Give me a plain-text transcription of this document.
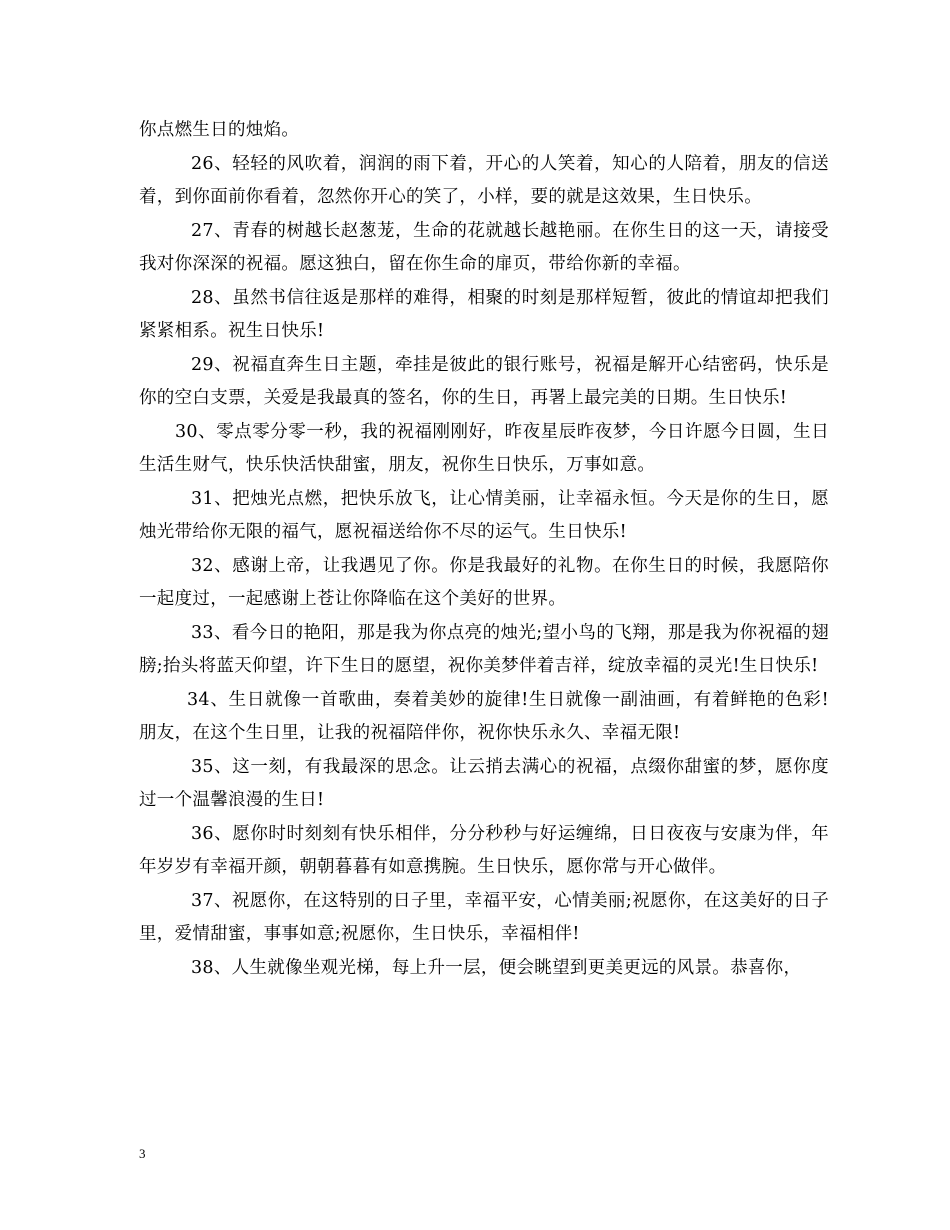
你点燃生日的烛焰。

26、轻轻的风吹着，润润的雨下着，开心的人笑着，知心的人陪着，朋友的信送着，到你面前你看着，忽然你开心的笑了，小样，要的就是这效果，生日快乐。

27、青春的树越长赵葱茏，生命的花就越长越艳丽。在你生日的这一天，请接受我对你深深的祝福。愿这独白，留在你生命的扉页，带给你新的幸福。

28、虽然书信往返是那样的难得，相聚的时刻是那样短暂，彼此的情谊却把我们紧紧相系。祝生日快乐!

29、祝福直奔生日主题，牵挂是彼此的银行账号，祝福是解开心结密码，快乐是你的空白支票，关爱是我最真的签名，你的生日，再署上最完美的日期。生日快乐!

30、零点零分零一秒，我的祝福刚刚好，昨夜星辰昨夜梦，今日许愿今日圆，生日生活生财气，快乐快活快甜蜜，朋友，祝你生日快乐，万事如意。

31、把烛光点燃，把快乐放飞，让心情美丽，让幸福永恒。今天是你的生日，愿烛光带给你无限的福气，愿祝福送给你不尽的运气。生日快乐!

32、感谢上帝，让我遇见了你。你是我最好的礼物。在你生日的时候，我愿陪你一起度过，一起感谢上苍让你降临在这个美好的世界。

33、看今日的艳阳，那是我为你点亮的烛光;望小鸟的飞翔，那是我为你祝福的翅膀;抬头将蓝天仰望，许下生日的愿望，祝你美梦伴着吉祥，绽放幸福的灵光!生日快乐!

34、生日就像一首歌曲，奏着美妙的旋律!生日就像一副油画，有着鲜艳的色彩!朋友，在这个生日里，让我的祝福陪伴你，祝你快乐永久、幸福无限!

35、这一刻，有我最深的思念。让云捎去满心的祝福，点缀你甜蜜的梦，愿你度过一个温馨浪漫的生日!

36、愿你时时刻刻有快乐相伴，分分秒秒与好运缠绵，日日夜夜与安康为伴，年年岁岁有幸福开颜，朝朝暮暮有如意携腕。生日快乐，愿你常与开心做伴。

37、祝愿你，在这特别的日子里，幸福平安，心情美丽;祝愿你，在这美好的日子里，爱情甜蜜，事事如意;祝愿你，生日快乐，幸福相伴!

38、人生就像坐观光梯，每上升一层，便会眺望到更美更远的风景。恭喜你，

3
